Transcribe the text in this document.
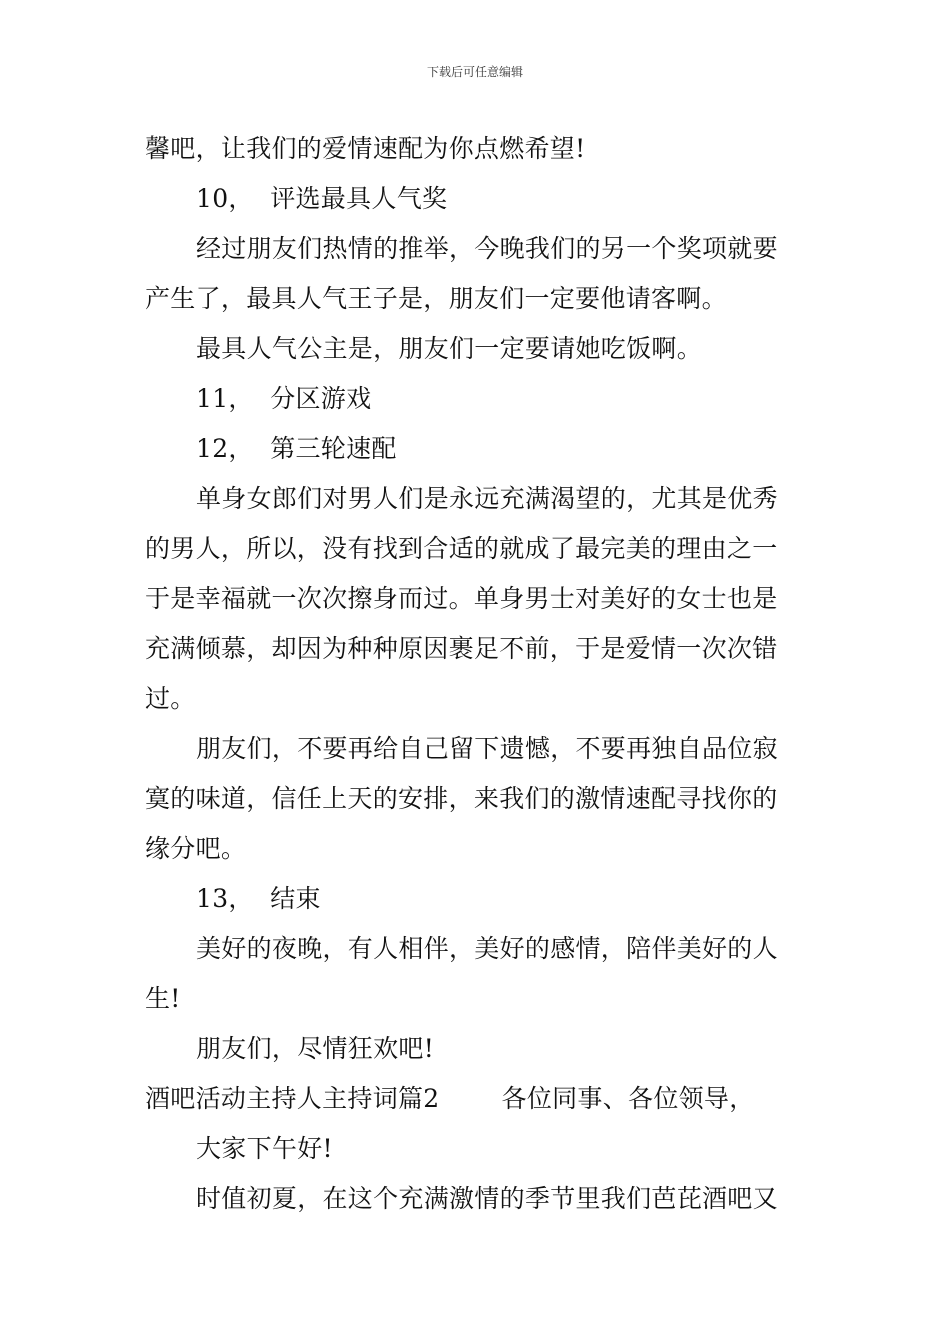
下载后可任意编辑
馨吧，让我们的爱情速配为你点燃希望!
10，  评选最具人气奖
经过朋友们热情的推举，今晚我们的另一个奖项就要
产生了，最具人气王子是，朋友们一定要他请客啊。
最具人气公主是，朋友们一定要请她吃饭啊。
11，  分区游戏
12，  第三轮速配
单身女郎们对男人们是永远充满渴望的，尤其是优秀
的男人，所以，没有找到合适的就成了最完美的理由之一
于是幸福就一次次擦身而过。单身男士对美好的女士也是
充满倾慕，却因为种种原因裹足不前，于是爱情一次次错
过。
朋友们，不要再给自己留下遗憾，不要再独自品位寂
寞的味道，信任上天的安排，来我们的激情速配寻找你的
缘分吧。
13，  结束
美好的夜晚，有人相伴，美好的感情，陪伴美好的人
生!
朋友们，尽情狂欢吧!
酒吧活动主持人主持词篇2 各位同事、各位领导，
大家下午好!
时值初夏，在这个充满激情的季节里我们芭芘酒吧又
